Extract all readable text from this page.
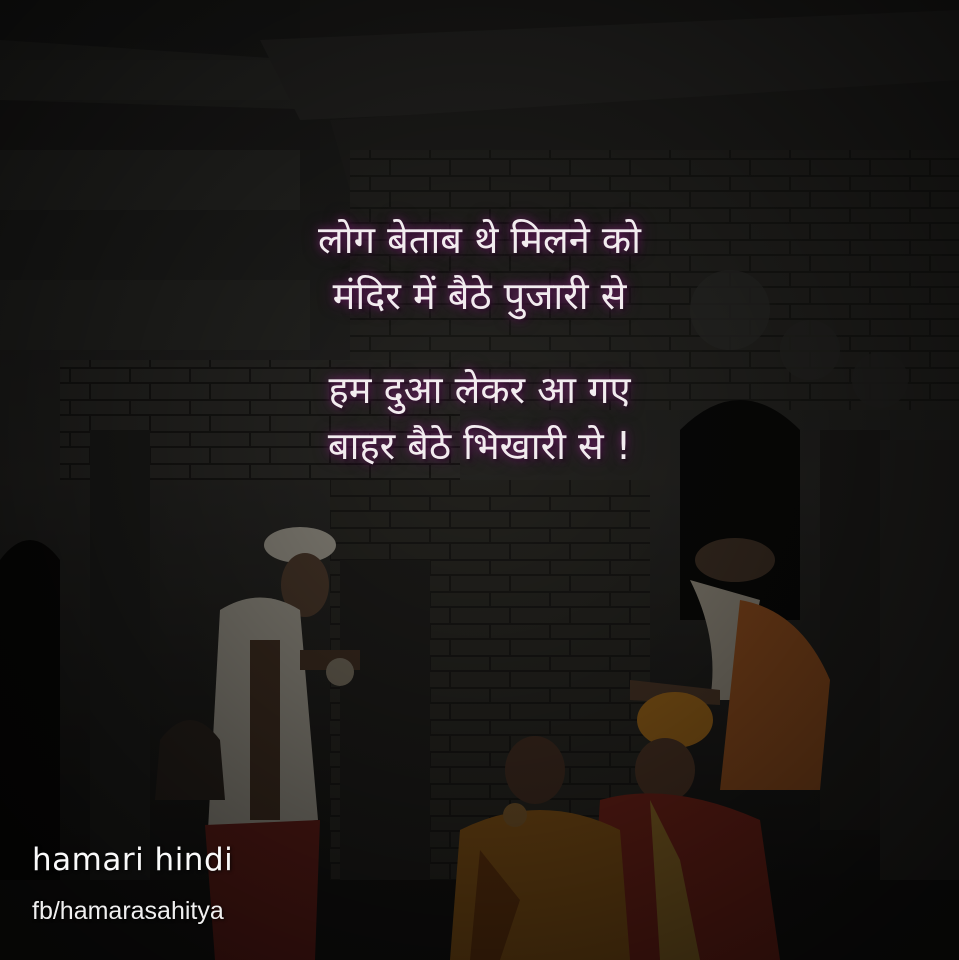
लोग बेताब थे मिलने को
मंदिर में बैठे पुजारी से
हम दुआ लेकर आ गए
बाहर बैठे भिखारी से !
hamari hindi
fb/hamarasahitya
